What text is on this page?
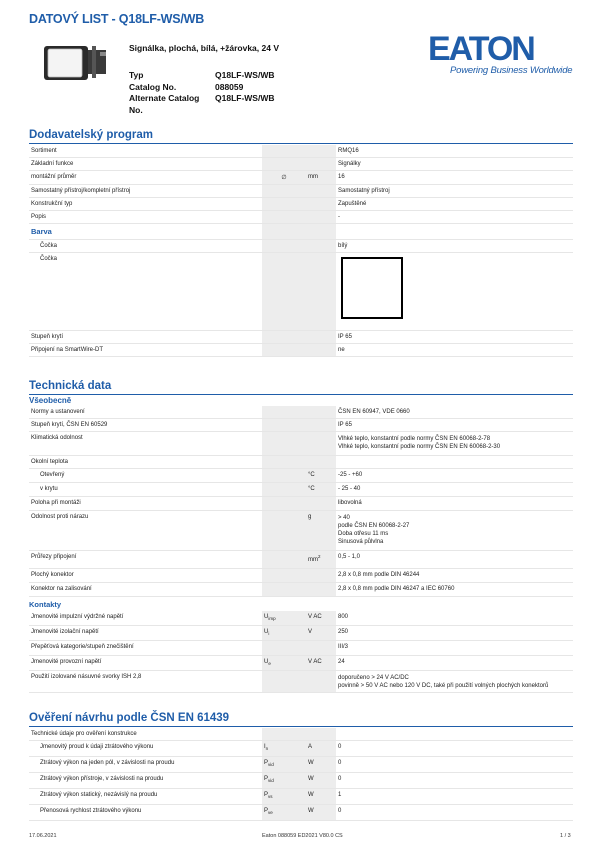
DATOVÝ LIST - Q18LF-WS/WB
Signálka, plochá, bílá, +žárovka, 24 V
Typ	Q18LF-WS/WB
Catalog No.	088059
Alternate Catalog No.
Q18LF-WS/WB
EATON
Powering Business Worldwide
Dodavatelský program
Sortiment	RMQ16
Základní funkce	Signálky
montážní průměr	∅	mm	16
Samostatný přístroj/kompletní přístroj	Samostatný přístroj
Konstrukční typ	Zapuštěné
Popis	-
Barva
Čočka	bílý
Čočka
Stupeň krytí	IP 65
Připojení na SmartWire-DT	ne
Technická data
Všeobecně
Normy a ustanovení	ČSN EN 60947, VDE 0660
Stupeň krytí, ČSN EN 60529	IP 65
Klimatická odolnost	Vlhké teplo, konstantní podle normy ČSN EN 60068-2-78
Vlhké teplo, konstantní podle normy ČSN EN EN 60068-2-30
Okolní teplota
Otevřený	°C	-25 - +60
v krytu	°C	- 25 - 40
Poloha při montáži	libovolná
Odolnost proti nárazu	g	> 40
podle ČSN EN 60068-2-27
Doba otřesu 11 ms
Sinusová půlvlna
Průřezy připojení	$mm^2$	0,5 - 1,0
Plochý konektor	2,8 x 0,8 mm podle DIN 46244
Konektor na zalisování	2,8 x 0,8 mm podle DIN 46247 a IEC 60760
Kontakty
Jmenovité impulzní výdržné napětí	$U_{imp}$	V AC	800
Jmenovité izolační napětí	$U_i$	V	250
Přepěťová kategorie/stupeň znečištění	III/3
Jmenovité provozní napětí	$U_e$	V AC	24
Použití izolované násuvné svorky ISH 2,8	doporučeno > 24 V AC/DC
povinně > 50 V AC nebo 120 V DC, také při použití volných plochých konektorů
Ověření návrhu podle ČSN EN 61439
Technické údaje pro ověření konstrukce
Jmenovitý proud k údaji ztrátového výkonu	$I_n$	A	0
Ztrátový výkon na jeden pól, v závislosti na proudu	$P_{vid}$	W	0
Ztrátový výkon přístroje, v závislosti na proudu	$P_{vid}$	W	0
Ztrátový výkon statický, nezávislý na proudu	$P_{vs}$	W	1
Přenosová rychlost ztrátového výkonu	$P_{ve}$	W	0
17.06.2021	Eaton 088059 ED2021 V80.0 CS	1 / 3
